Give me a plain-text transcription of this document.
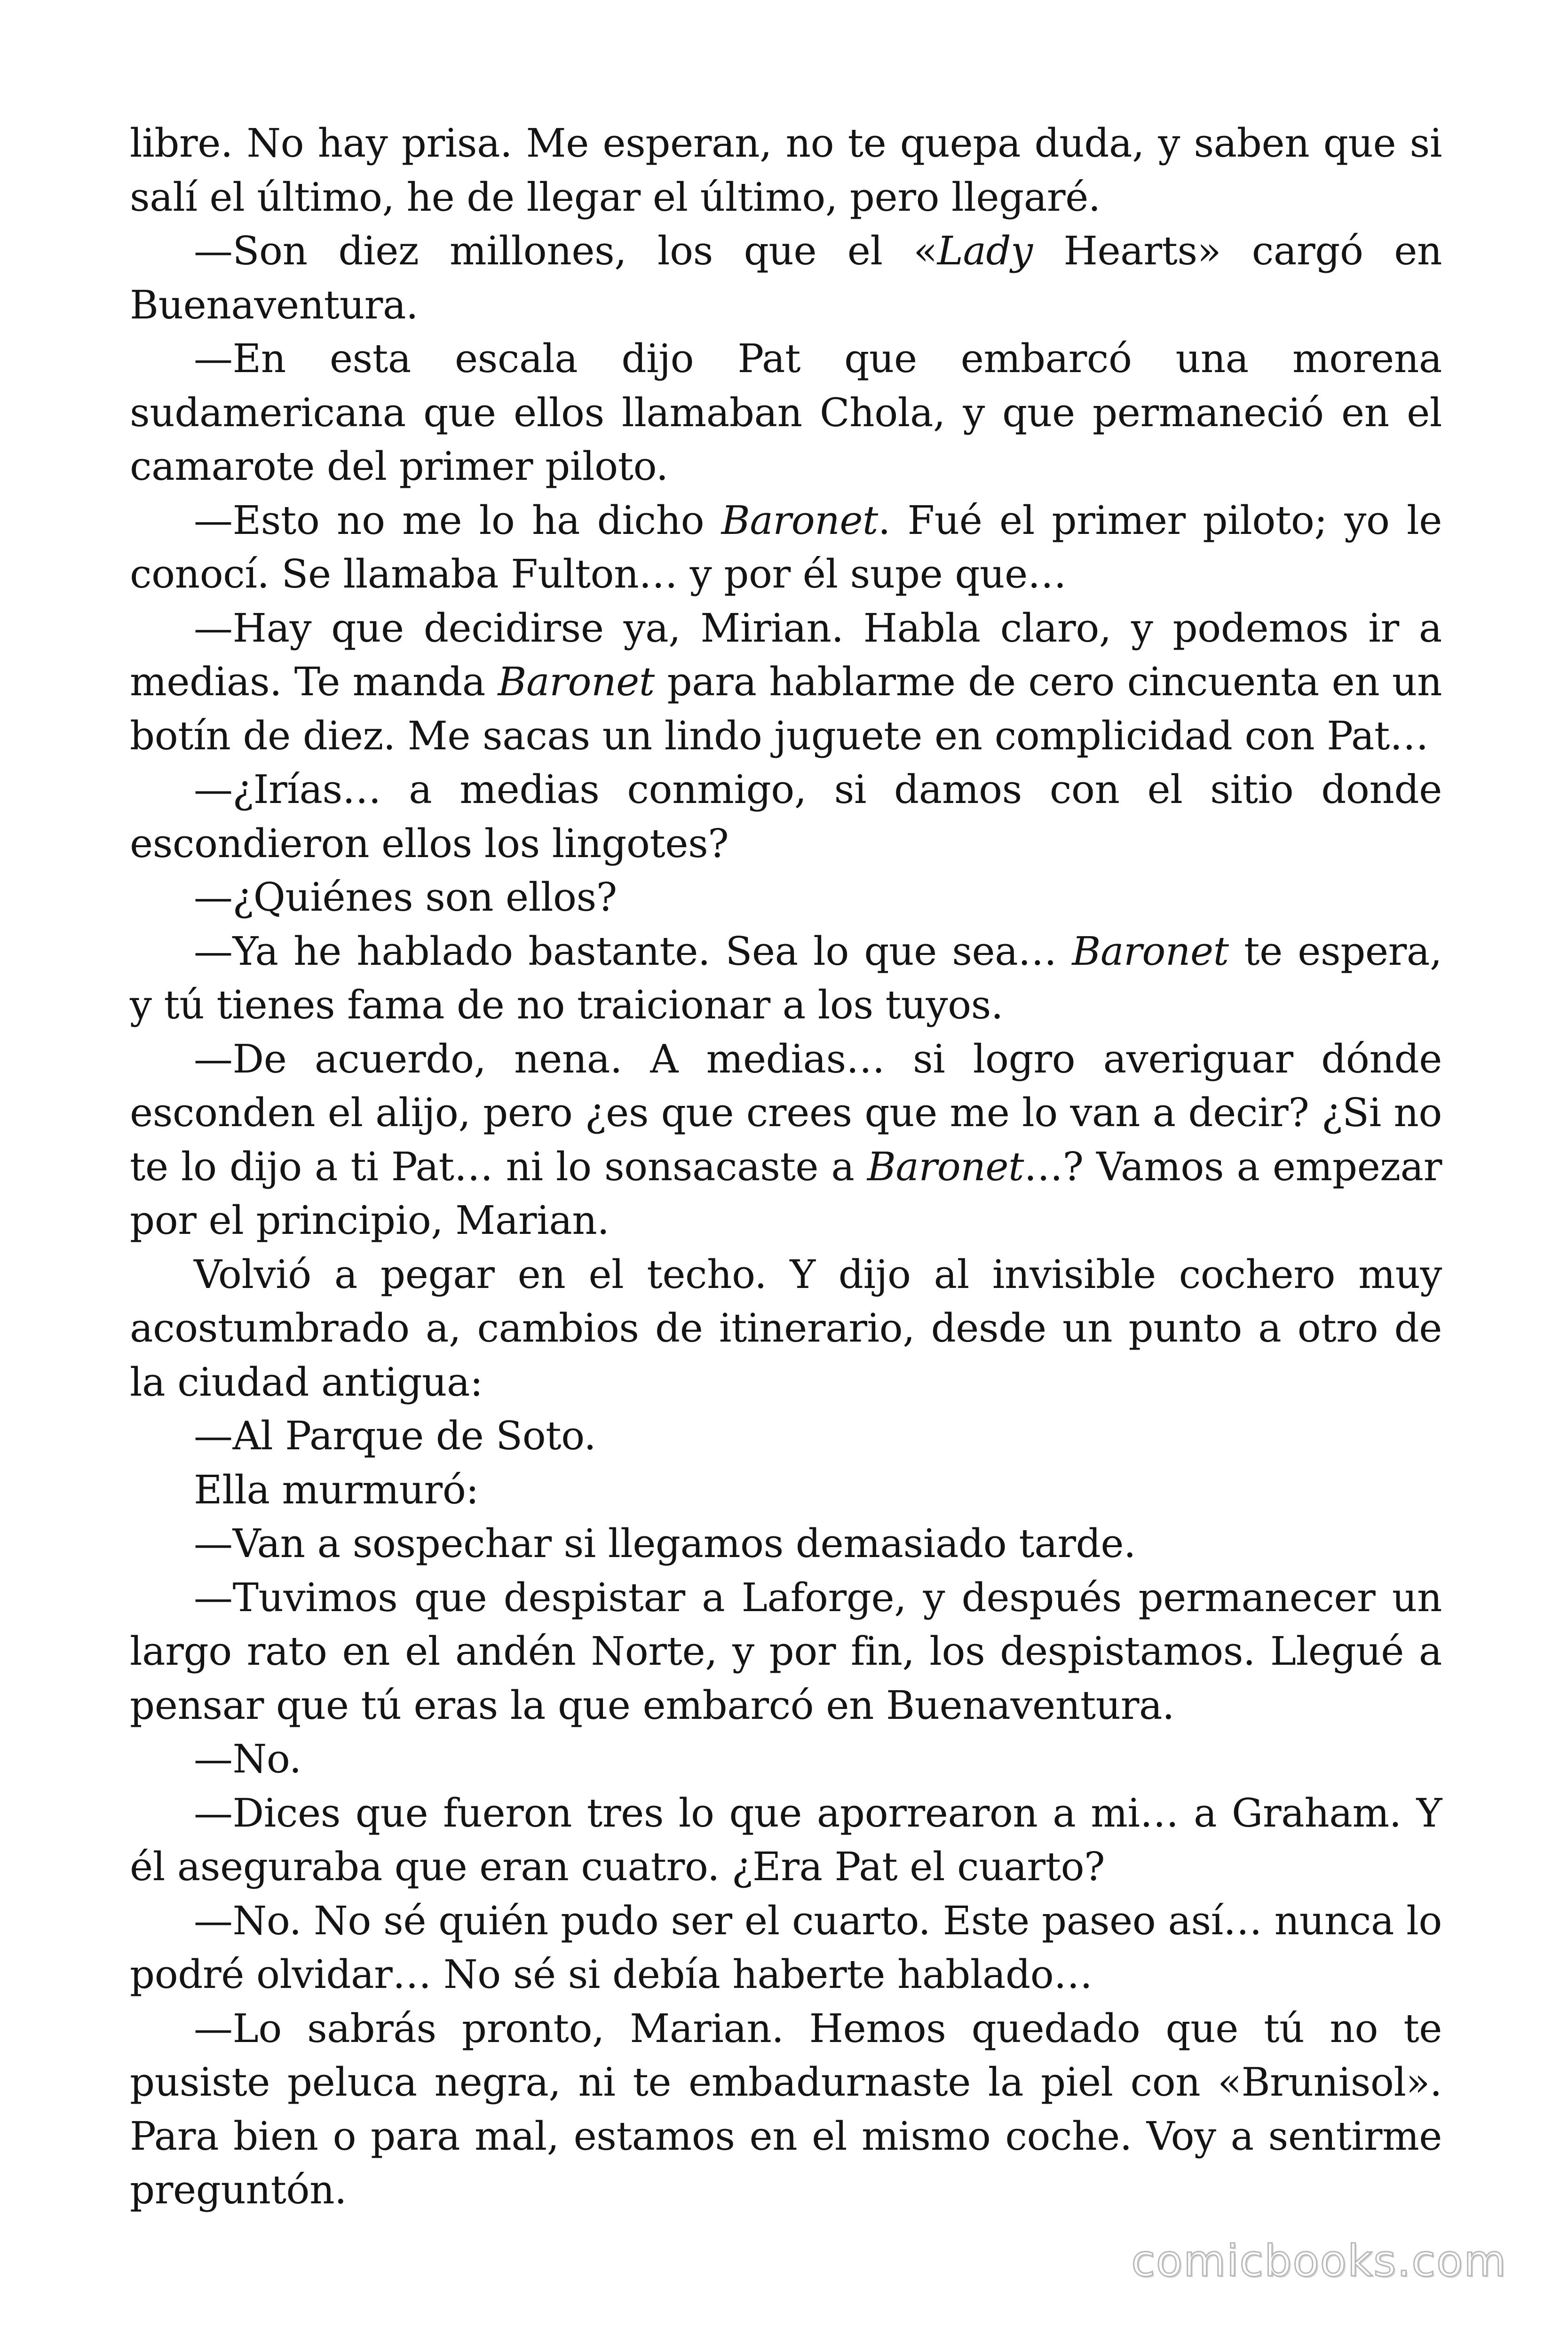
libre. No hay prisa. Me esperan, no te quepa duda, y saben que si salí el último, he de llegar el último, pero llegaré.

—Son diez millones, los que el «Lady Hearts» cargó en Buenaventura.

—En esta escala dijo Pat que embarcó una morena sudamericana que ellos llamaban Chola, y que permaneció en el camarote del primer piloto.

—Esto no me lo ha dicho Baronet. Fué el primer piloto; yo le conocí. Se llamaba Fulton… y por él supe que…

—Hay que decidirse ya, Mirian. Habla claro, y podemos ir a medias. Te manda Baronet para hablarme de cero cincuenta en un botín de diez. Me sacas un lindo juguete en complicidad con Pat…

—¿Irías… a medias conmigo, si damos con el sitio donde escondieron ellos los lingotes?

—¿Quiénes son ellos?

—Ya he hablado bastante. Sea lo que sea… Baronet te espera, y tú tienes fama de no traicionar a los tuyos.

—De acuerdo, nena. A medias… si logro averiguar dónde esconden el alijo, pero ¿es que crees que me lo van a decir? ¿Si no te lo dijo a ti Pat… ni lo sonsacaste a Baronet…? Vamos a empezar por el principio, Marian.

Volvió a pegar en el techo. Y dijo al invisible cochero muy acostumbrado a, cambios de itinerario, desde un punto a otro de la ciudad antigua:

—Al Parque de Soto.

Ella murmuró:

—Van a sospechar si llegamos demasiado tarde.

—Tuvimos que despistar a Laforge, y después permanecer un largo rato en el andén Norte, y por fin, los despistamos. Llegué a pensar que tú eras la que embarcó en Buenaventura.

—No.

—Dices que fueron tres lo que aporrearon a mi… a Graham. Y él aseguraba que eran cuatro. ¿Era Pat el cuarto?

—No. No sé quién pudo ser el cuarto. Este paseo así… nunca lo podré olvidar… No sé si debía haberte hablado…

—Lo sabrás pronto, Marian. Hemos quedado que tú no te pusiste peluca negra, ni te embadurnaste la piel con «Brunisol». Para bien o para mal, estamos en el mismo coche. Voy a sentirme preguntón.

comicbooks.com
